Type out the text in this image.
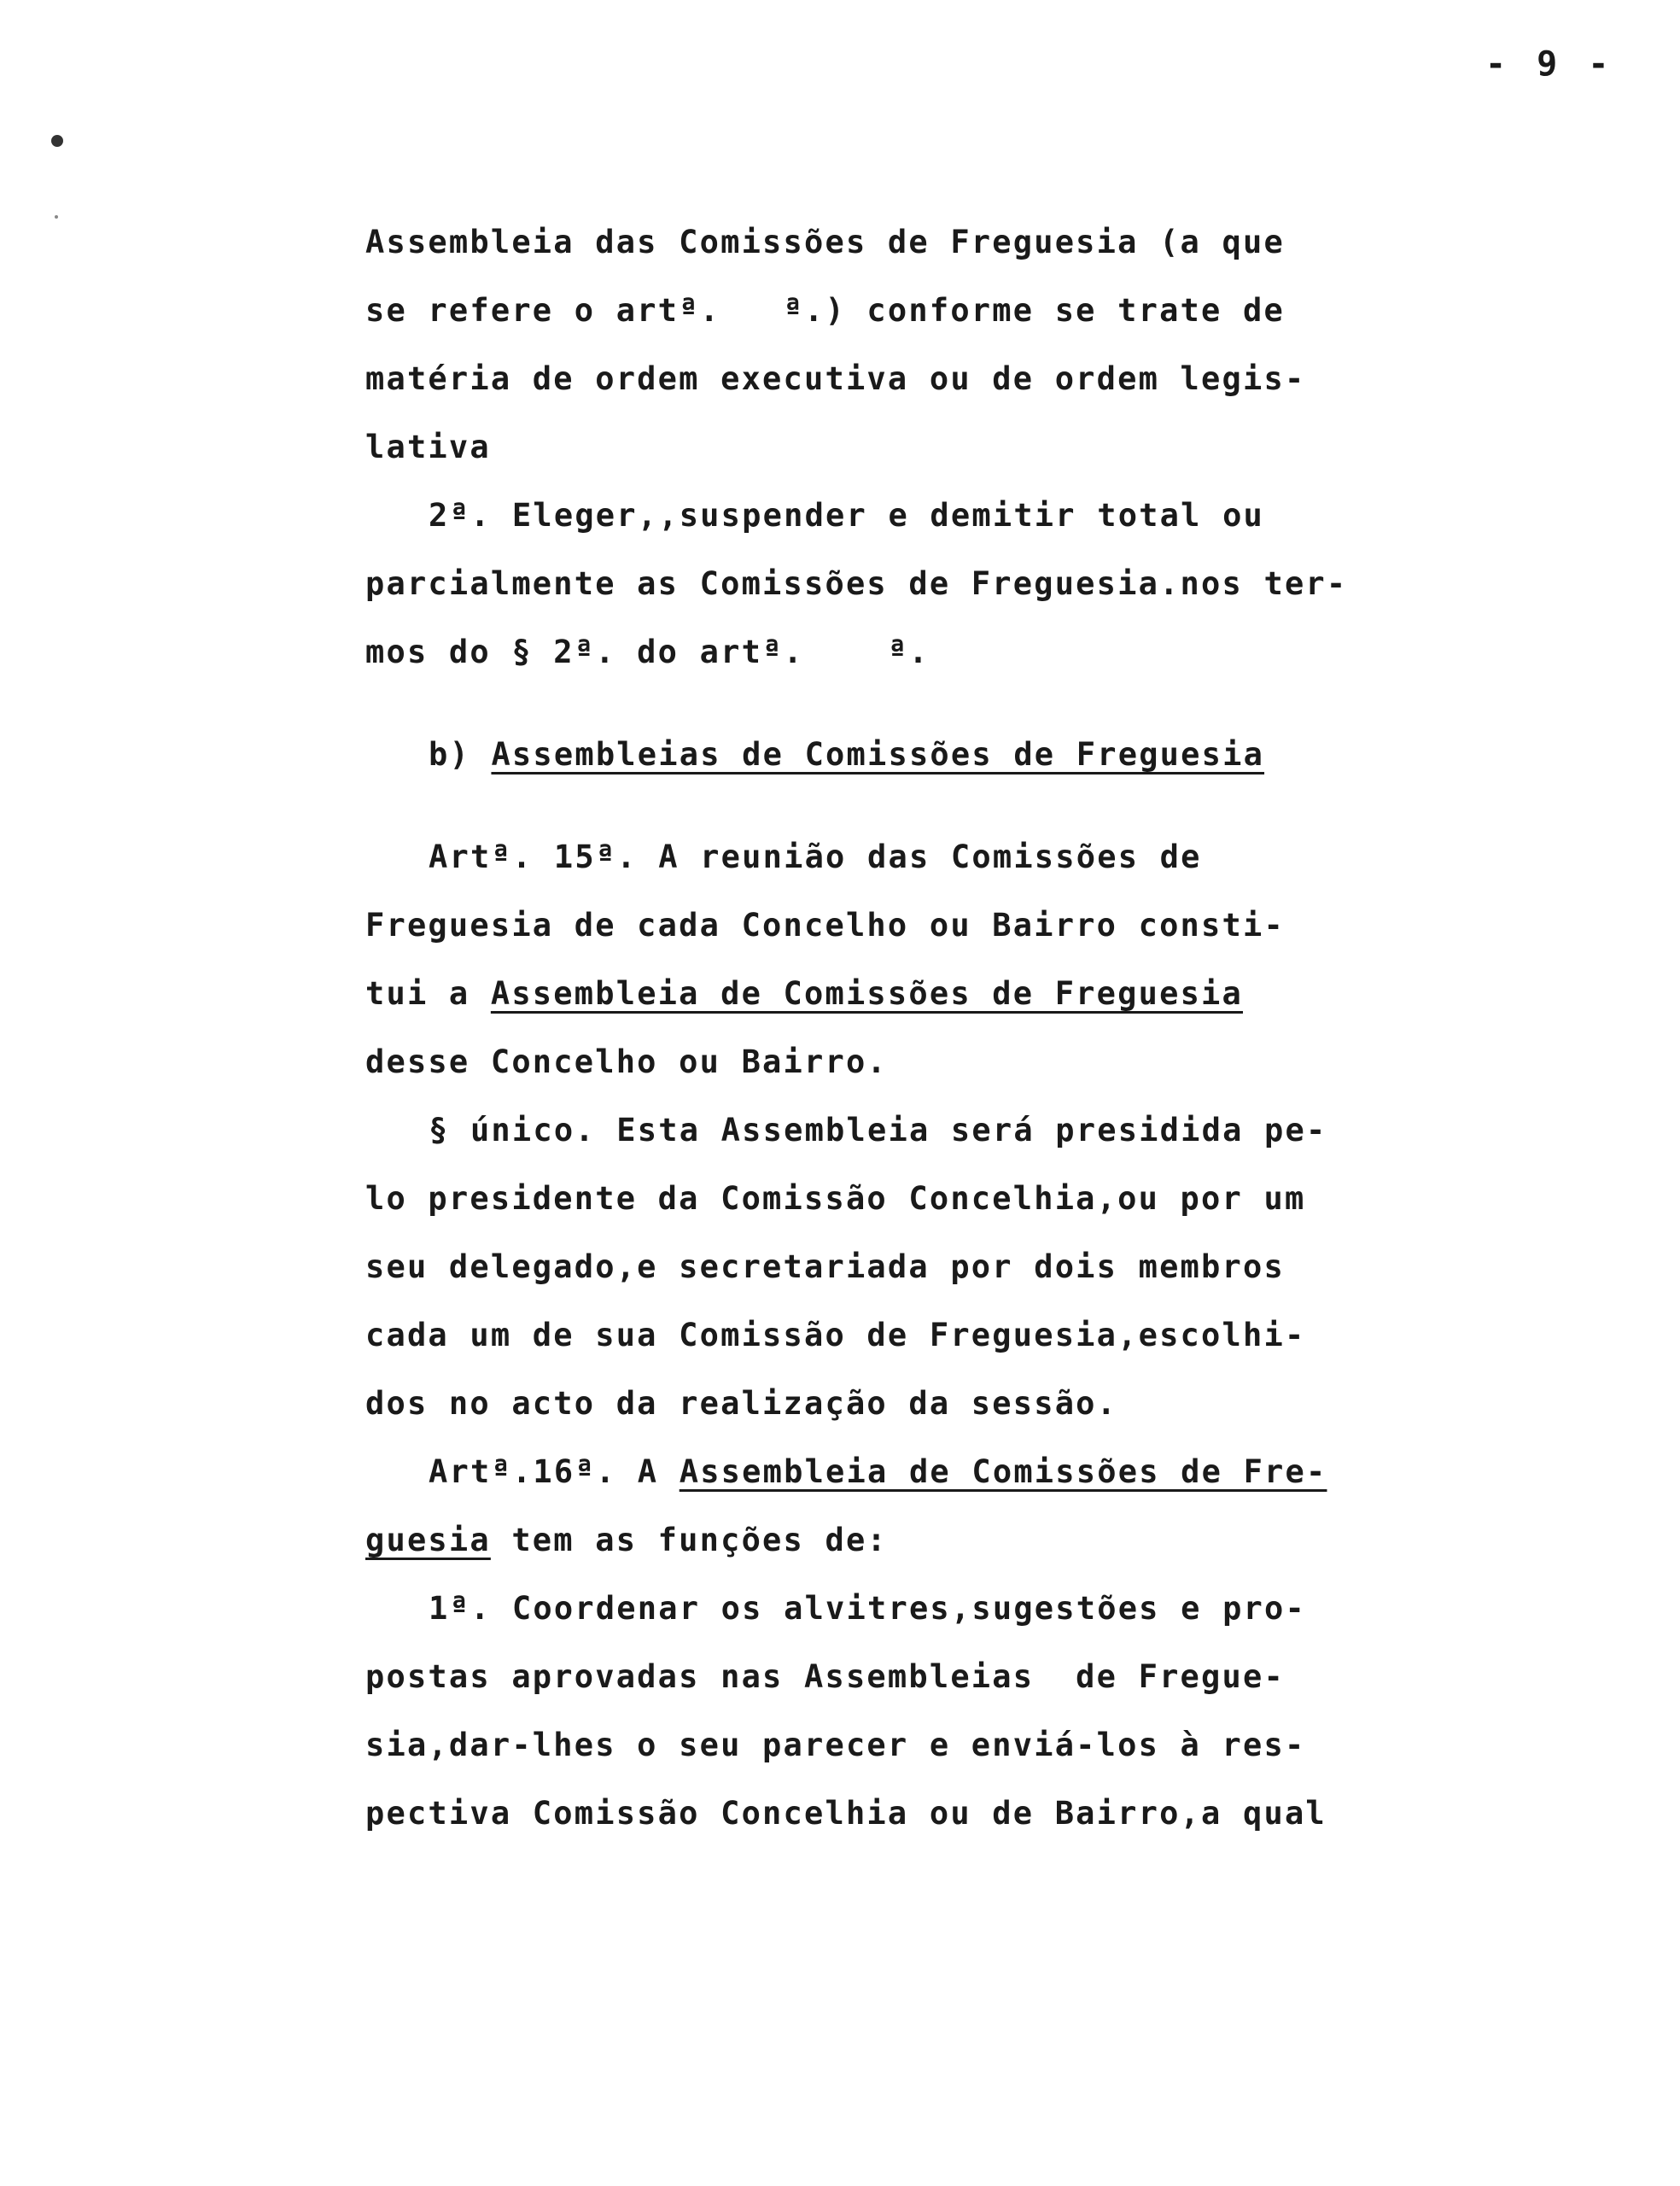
- 9 -
Assembleia das Comissões de Freguesia (a que
se refere o artª.   ª.) conforme se trate de
matéria de ordem executiva ou de ordem legis-
lativa
2ª. Eleger,,suspender e demitir total ou
parcialmente as Comissões de Freguesia.nos ter-
mos do § 2ª. do artª.    ª.
b) Assembleias de Comissões de Freguesia
Artª. 15ª. A reunião das Comissões de
Freguesia de cada Concelho ou Bairro consti-
tui a Assembleia de Comissões de Freguesia
desse Concelho ou Bairro.
§ único. Esta Assembleia será presidida pe-
lo presidente da Comissão Concelhia,ou por um
seu delegado,e secretariada por dois membros
cada um de sua Comissão de Freguesia,escolhi-
dos no acto da realização da sessão.
Artª.16ª. A Assembleia de Comissões de Fre-
guesia tem as funções de:
1ª. Coordenar os alvitres,sugestões e pro-
postas aprovadas nas Assembleias  de Fregue-
sia,dar-lhes o seu parecer e enviá-los à res-
pectiva Comissão Concelhia ou de Bairro,a qual
